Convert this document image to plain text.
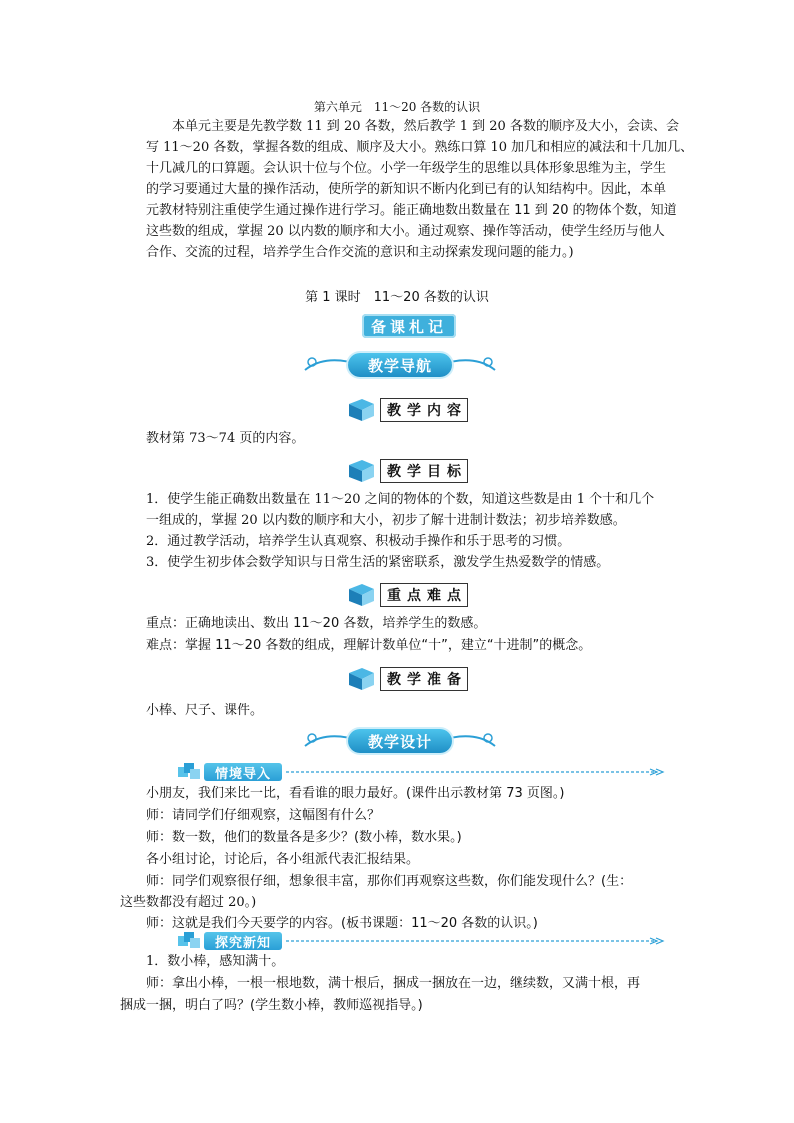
第六单元　11～20 各数的认识
本单元主要是先教学数 11 到 20 各数，然后教学 1 到 20 各数的顺序及大小，会读、会
写 11～20 各数，掌握各数的组成、顺序及大小。熟练口算 10 加几和相应的减法和十几加几、
十几减几的口算题。会认识十位与个位。小学一年级学生的思维以具体形象思维为主，学生
的学习要通过大量的操作活动，使所学的新知识不断内化到已有的认知结构中。因此，本单
元教材特别注重使学生通过操作进行学习。能正确地数出数量在 11 到 20 的物体个数，知道
这些数的组成，掌握 20 以内数的顺序和大小。通过观察、操作等活动，使学生经历与他人
合作、交流的过程，培养学生合作交流的意识和主动探索发现问题的能力。)
第 1 课时　11～20 各数的认识
备课札记
教学导航
教学内容
教材第 73～74 页的内容。
教学目标
1．使学生能正确数出数量在 11～20 之间的物体的个数，知道这些数是由 1 个十和几个
一组成的，掌握 20 以内数的顺序和大小，初步了解十进制计数法；初步培养数感。
2．通过教学活动，培养学生认真观察、积极动手操作和乐于思考的习惯。
3．使学生初步体会数学知识与日常生活的紧密联系，激发学生热爱数学的情感。
重点难点
重点：正确地读出、数出 11～20 各数，培养学生的数感。
难点：掌握 11～20 各数的组成，理解计数单位“十”，建立“十进制”的概念。
教学准备
小棒、尺子、课件。
教学设计
情境导入
小朋友，我们来比一比，看看谁的眼力最好。(课件出示教材第 73 页图。)
师：请同学们仔细观察，这幅图有什么？
师：数一数，他们的数量各是多少？(数小棒，数水果。)
各小组讨论，讨论后，各小组派代表汇报结果。
师：同学们观察很仔细，想象很丰富，那你们再观察这些数，你们能发现什么？(生：
这些数都没有超过 20。)
师：这就是我们今天要学的内容。(板书课题：11～20 各数的认识。)
探究新知
1．数小棒，感知满十。
师：拿出小棒，一根一根地数，满十根后，捆成一捆放在一边，继续数，又满十根，再
捆成一捆，明白了吗？(学生数小棒，教师巡视指导。)
